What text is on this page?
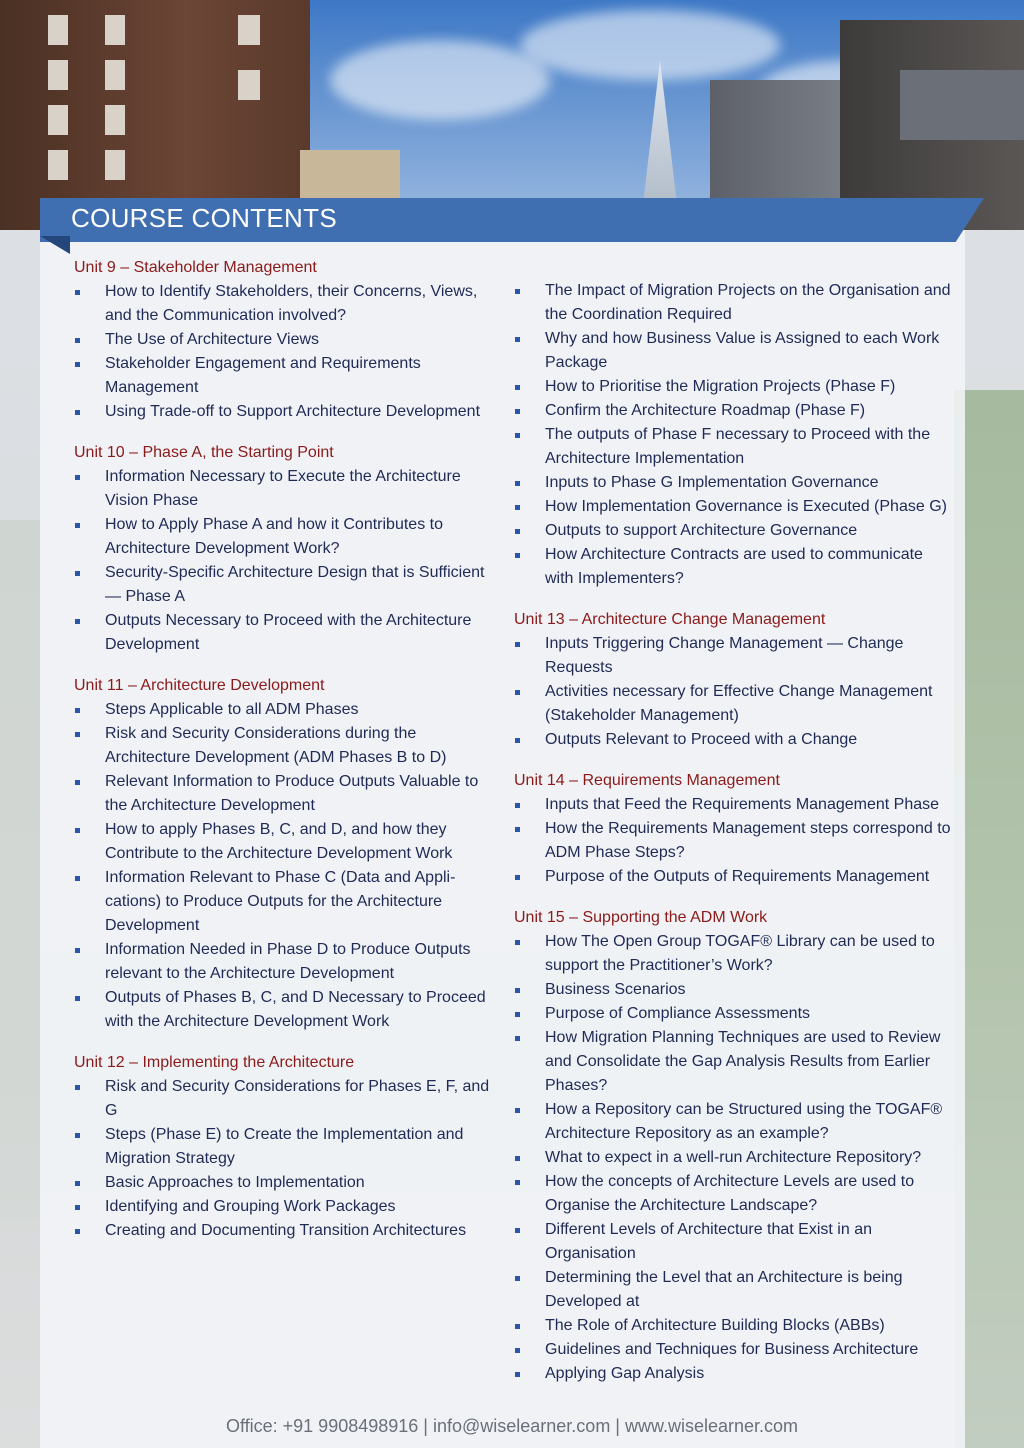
COURSE CONTENTS
Unit 9 – Stakeholder Management
How to Identify Stakeholders, their Concerns, Views, and the Communication involved?
The Use of Architecture Views
Stakeholder Engagement and Requirements Management
Using Trade-off to Support Architecture Development
Unit 10 – Phase A, the Starting Point
Information Necessary to Execute the Architecture Vision Phase
How to Apply Phase A and how it Contributes to Architecture Development Work?
Security-Specific Architecture Design that is Sufficient — Phase A
Outputs Necessary to Proceed with the Architecture Development
Unit 11 – Architecture Development
Steps Applicable to all ADM Phases
Risk and Security Considerations during the Architecture Development (ADM Phases B to D)
Relevant Information to Produce Outputs Valuable to the Architecture Development
How to apply Phases B, C, and D, and how they Contribute to the Architecture Development Work
Information Relevant to Phase C (Data and Appli-cations) to Produce Outputs for the Architecture Development
Information Needed in Phase D to Produce Outputs relevant to the Architecture Development
Outputs of Phases B, C, and D Necessary to Proceed with the Architecture Development Work
Unit 12 – Implementing the Architecture
Risk and Security Considerations for Phases E, F, and G
Steps (Phase E) to Create the Implementation and Migration Strategy
Basic Approaches to Implementation
Identifying and Grouping Work Packages
Creating and Documenting Transition Architectures
The Impact of Migration Projects on the Organisation and the Coordination Required
Why and how Business Value is Assigned to each Work Package
How to Prioritise the Migration Projects (Phase F)
Confirm the Architecture Roadmap (Phase F)
The outputs of Phase F necessary to Proceed with the Architecture Implementation
Inputs to Phase G Implementation Governance
How Implementation Governance is Executed (Phase G)
Outputs to support Architecture Governance
How Architecture Contracts are used to communicate with Implementers?
Unit 13 – Architecture Change Management
Inputs Triggering Change Management — Change Requests
Activities necessary for Effective Change Management (Stakeholder Management)
Outputs Relevant to Proceed with a Change
Unit 14 – Requirements Management
Inputs that Feed the Requirements Management Phase
How the Requirements Management steps correspond to ADM Phase Steps?
Purpose of the Outputs of Requirements Management
Unit 15 – Supporting the ADM Work
How The Open Group TOGAF® Library can be used to support the Practitioner’s Work?
Business Scenarios
Purpose of Compliance Assessments
How Migration Planning Techniques are used to Review and Consolidate the Gap Analysis Results from Earlier Phases?
How a Repository can be Structured using the TOGAF® Architecture Repository as an example?
What to expect in a well-run Architecture Repository?
How the concepts of Architecture Levels are used to Organise the Architecture Landscape?
Different Levels of Architecture that Exist in an Organisation
Determining the Level that an Architecture is being Developed at
The Role of Architecture Building Blocks (ABBs)
Guidelines and Techniques for Business Architecture
Applying Gap Analysis
Office: +91 9908498916 | info@wiselearner.com | www.wiselearner.com
